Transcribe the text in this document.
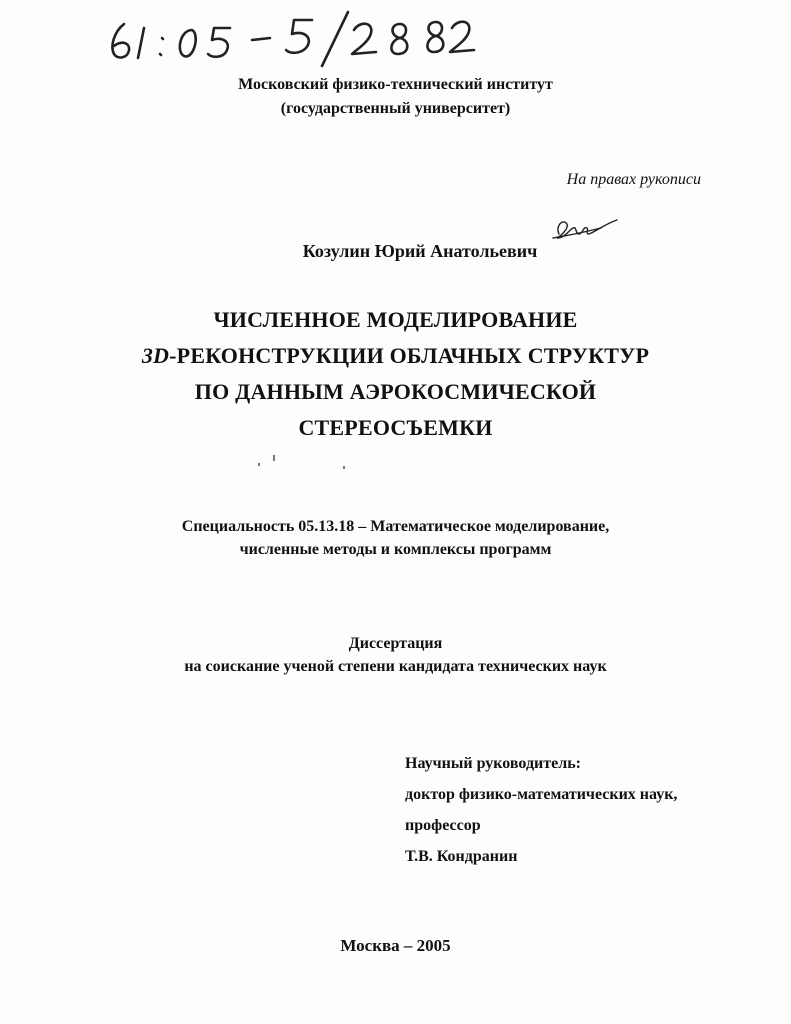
Московский физико-технический институт
(государственный университет)
На правах рукописи
Козулин Юрий Анатольевич
ЧИСЛЕННОЕ МОДЕЛИРОВАНИЕ
3D-РЕКОНСТРУКЦИИ ОБЛАЧНЫХ СТРУКТУР
ПО ДАННЫМ АЭРОКОСМИЧЕСКОЙ
СТЕРЕОСЪЕМКИ
Специальность 05.13.18 – Математическое моделирование,
численные методы и комплексы программ
Диссертация
на соискание ученой степени кандидата технических наук
Научный руководитель:
доктор физико-математических наук,
профессор
Т.В. Кондранин
Москва – 2005
